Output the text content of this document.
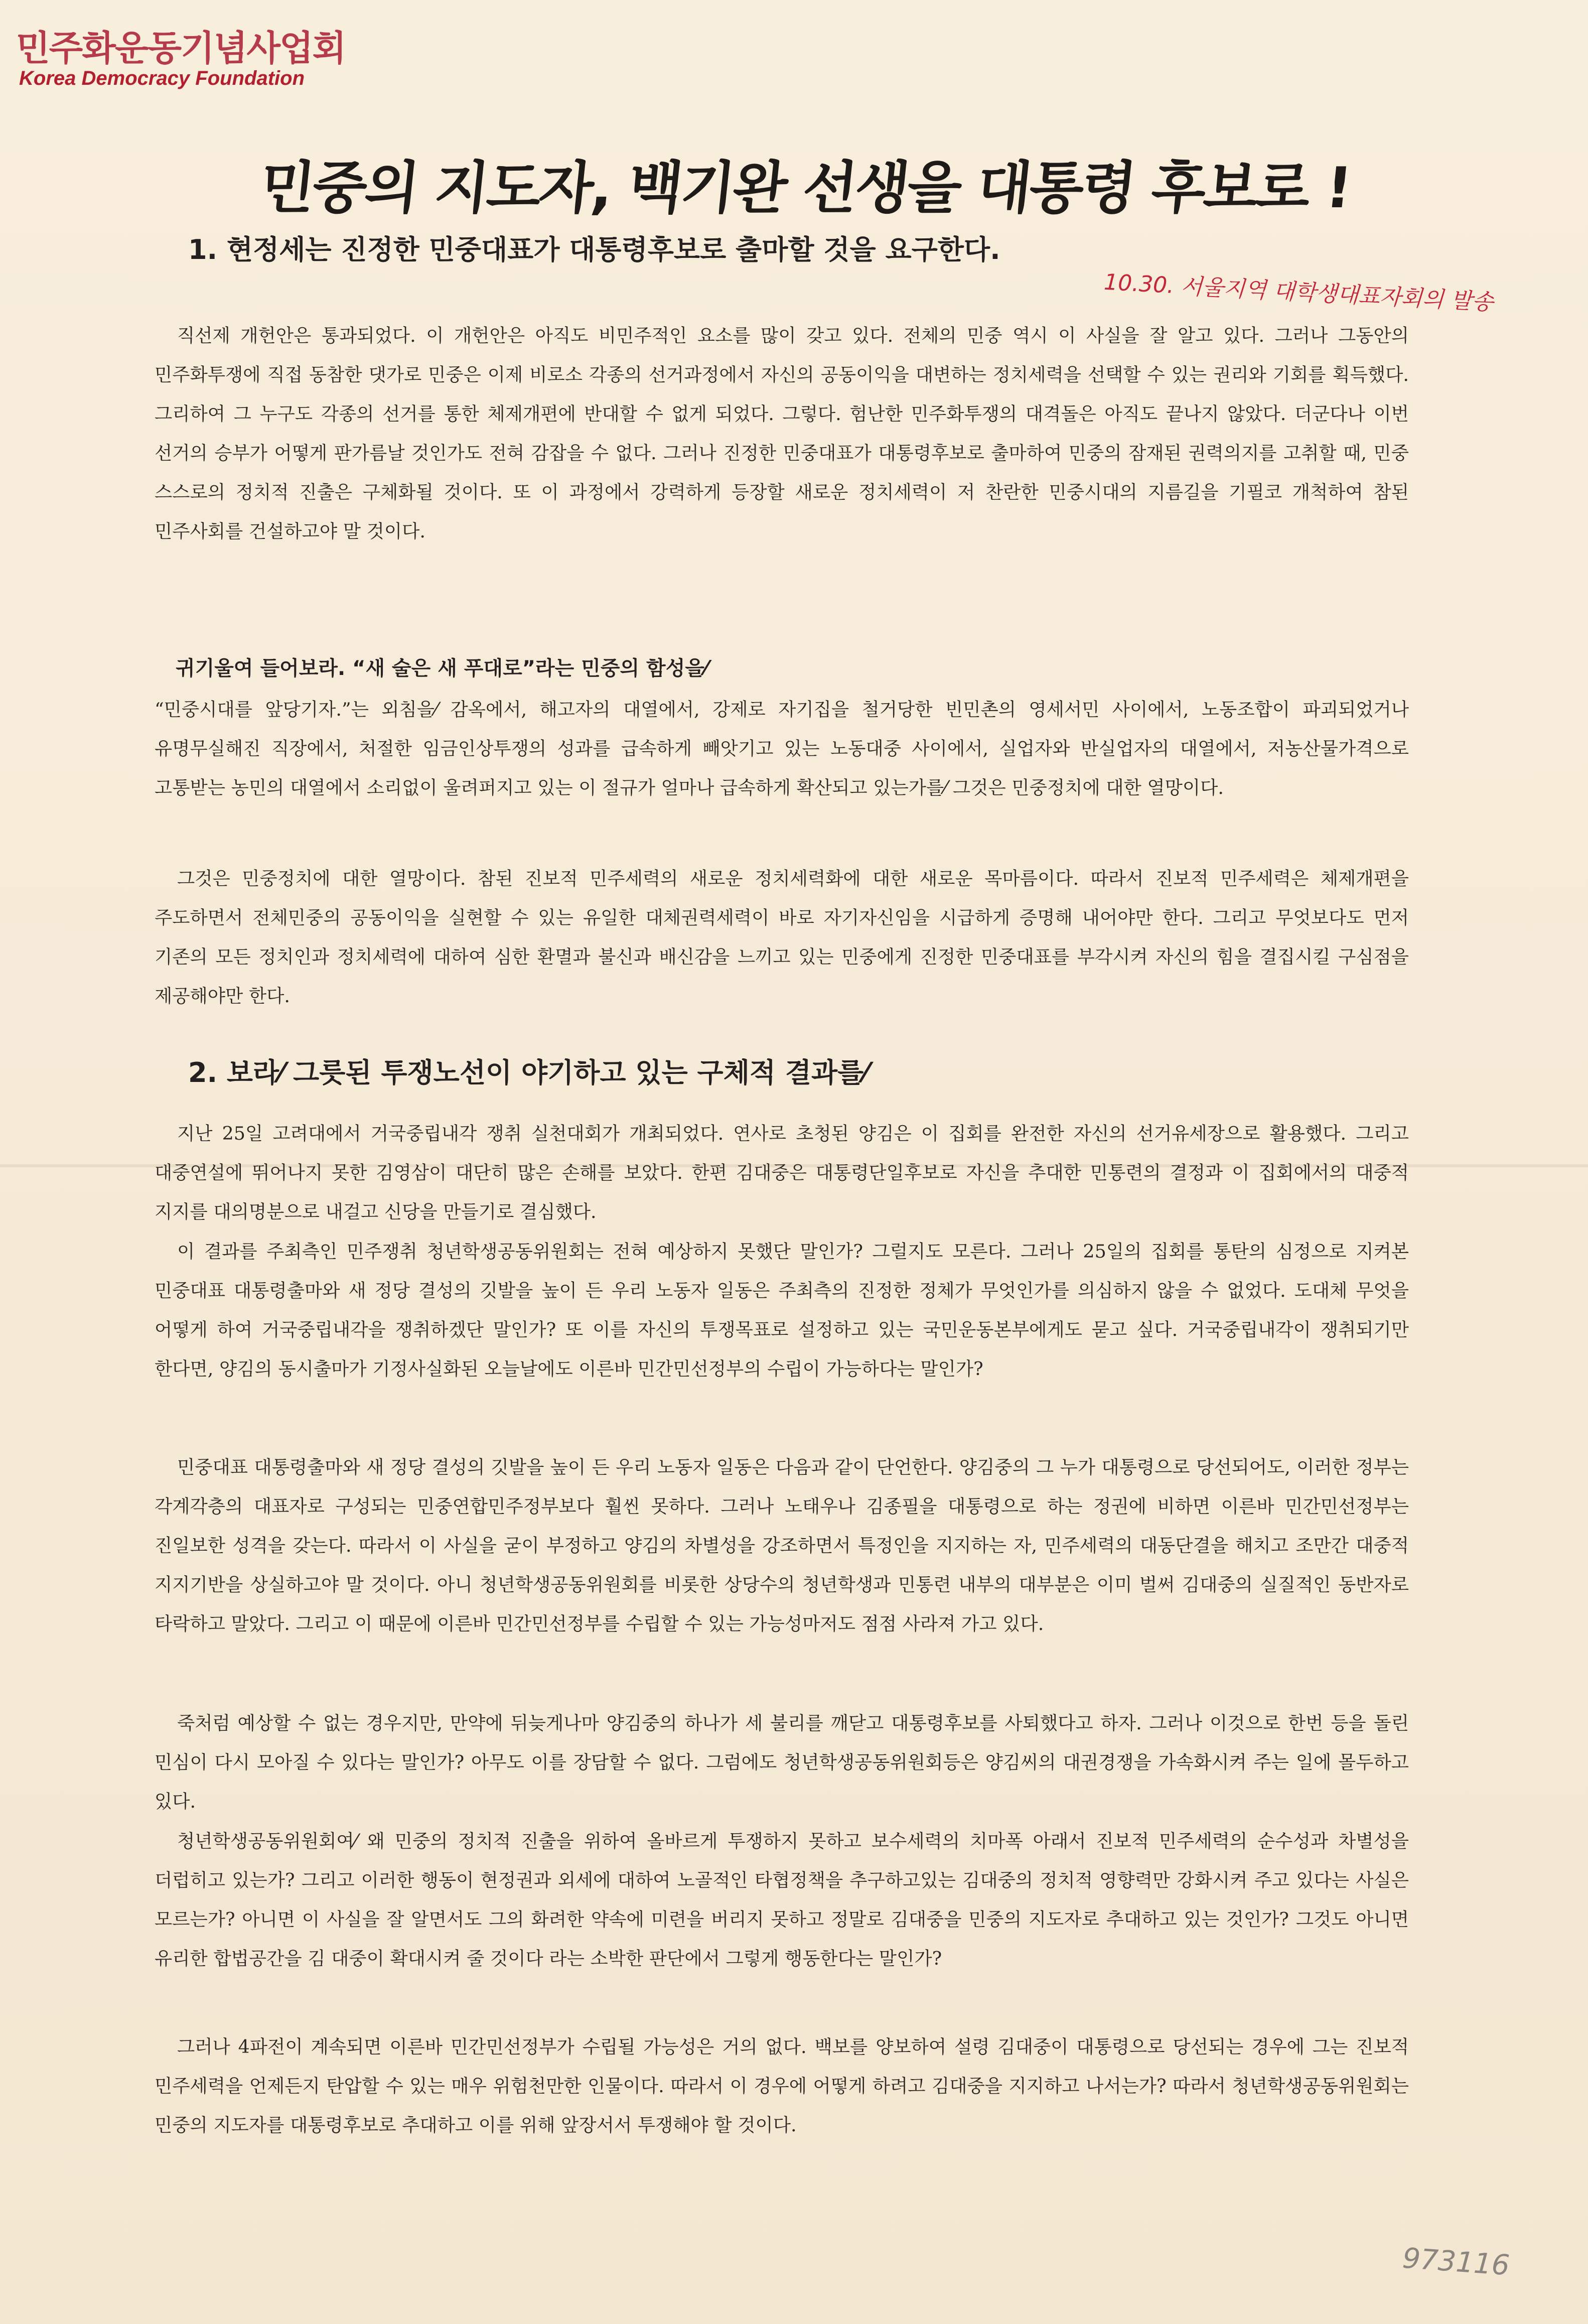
민주화운동기념사업회
Korea Democracy Foundation
민중의 지도자, 백기완 선생을 대통령 후보로 !
1. 현정세는 진정한 민중대표가 대통령후보로 출마할 것을 요구한다.
10.30. 서울지역 대학생대표자회의 발송
직선제 개헌안은 통과되었다. 이 개헌안은 아직도 비민주적인 요소를 많이 갖고 있다. 전체의 민중 역시 이 사실을 잘 알고 있다. 그러나 그동안의 민주화투쟁에 직접 동참한 댓가로 민중은 이제 비로소 각종의 선거과정에서 자신의 공동이익을 대변하는 정치세력을 선택할 수 있는 권리와 기회를 획득했다. 그리하여 그 누구도 각종의 선거를 통한 체제개편에 반대할 수 없게 되었다. 그렇다. 험난한 민주화투쟁의 대격돌은 아직도 끝나지 않았다. 더군다나 이번 선거의 승부가 어떻게 판가름날 것인가도 전혀 감잡을 수 없다. 그러나 진정한 민중대표가 대통령후보로 출마하여 민중의 잠재된 권력의지를 고취할 때, 민중 스스로의 정치적 진출은 구체화될 것이다. 또 이 과정에서 강력하게 등장할 새로운 정치세력이 저 찬란한 민중시대의 지름길을 기필코 개척하여 참된 민주사회를 건설하고야 말 것이다.
귀기울여 들어보라. “새 술은 새 푸대로”라는 민중의 함성을⁄
“민중시대를 앞당기자.”는 외침을⁄ 감옥에서, 해고자의 대열에서, 강제로 자기집을 철거당한 빈민촌의 영세서민 사이에서, 노동조합이 파괴되었거나 유명무실해진 직장에서, 처절한 임금인상투쟁의 성과를 급속하게 빼앗기고 있는 노동대중 사이에서, 실업자와 반실업자의 대열에서, 저농산물가격으로 고통받는 농민의 대열에서 소리없이 울려퍼지고 있는 이 절규가 얼마나 급속하게 확산되고 있는가를⁄ 그것은 민중정치에 대한 열망이다.
그것은 민중정치에 대한 열망이다. 참된 진보적 민주세력의 새로운 정치세력화에 대한 새로운 목마름이다. 따라서 진보적 민주세력은 체제개편을 주도하면서 전체민중의 공동이익을 실현할 수 있는 유일한 대체권력세력이 바로 자기자신임을 시급하게 증명해 내어야만 한다. 그리고 무엇보다도 먼저 기존의 모든 정치인과 정치세력에 대하여 심한 환멸과 불신과 배신감을 느끼고 있는 민중에게 진정한 민중대표를 부각시켜 자신의 힘을 결집시킬 구심점을 제공해야만 한다.
2. 보라⁄ 그릇된 투쟁노선이 야기하고 있는 구체적 결과를⁄
지난 25일 고려대에서 거국중립내각 쟁취 실천대회가 개최되었다. 연사로 초청된 양김은 이 집회를 완전한 자신의 선거유세장으로 활용했다. 그리고 대중연설에 뛰어나지 못한 김영삼이 대단히 많은 손해를 보았다. 한편 김대중은 대통령단일후보로 자신을 추대한 민통련의 결정과 이 집회에서의 대중적 지지를 대의명분으로 내걸고 신당을 만들기로 결심했다.
이 결과를 주최측인 민주쟁취 청년학생공동위원회는 전혀 예상하지 못했단 말인가? 그럴지도 모른다. 그러나 25일의 집회를 통탄의 심정으로 지켜본 민중대표 대통령출마와 새 정당 결성의 깃발을 높이 든 우리 노동자 일동은 주최측의 진정한 정체가 무엇인가를 의심하지 않을 수 없었다. 도대체 무엇을 어떻게 하여 거국중립내각을 쟁취하겠단 말인가? 또 이를 자신의 투쟁목표로 설정하고 있는 국민운동본부에게도 묻고 싶다. 거국중립내각이 쟁취되기만 한다면, 양김의 동시출마가 기정사실화된 오늘날에도 이른바 민간민선정부의 수립이 가능하다는 말인가?
민중대표 대통령출마와 새 정당 결성의 깃발을 높이 든 우리 노동자 일동은 다음과 같이 단언한다. 양김중의 그 누가 대통령으로 당선되어도, 이러한 정부는 각계각층의 대표자로 구성되는 민중연합민주정부보다 훨씬 못하다. 그러나 노태우나 김종필을 대통령으로 하는 정권에 비하면 이른바 민간민선정부는 진일보한 성격을 갖는다. 따라서 이 사실을 굳이 부정하고 양김의 차별성을 강조하면서 특정인을 지지하는 자, 민주세력의 대동단결을 해치고 조만간 대중적 지지기반을 상실하고야 말 것이다. 아니 청년학생공동위원회를 비롯한 상당수의 청년학생과 민통련 내부의 대부분은 이미 벌써 김대중의 실질적인 동반자로 타락하고 말았다. 그리고 이 때문에 이른바 민간민선정부를 수립할 수 있는 가능성마저도 점점 사라져 가고 있다.
죽처럼 예상할 수 없는 경우지만, 만약에 뒤늦게나마 양김중의 하나가 세 불리를 깨닫고 대통령후보를 사퇴했다고 하자. 그러나 이것으로 한번 등을 돌린 민심이 다시 모아질 수 있다는 말인가? 아무도 이를 장담할 수 없다. 그럼에도 청년학생공동위원회등은 양김씨의 대권경쟁을 가속화시켜 주는 일에 몰두하고 있다.
청년학생공동위원회여⁄ 왜 민중의 정치적 진출을 위하여 올바르게 투쟁하지 못하고 보수세력의 치마폭 아래서 진보적 민주세력의 순수성과 차별성을 더럽히고 있는가? 그리고 이러한 행동이 현정권과 외세에 대하여 노골적인 타협정책을 추구하고있는 김대중의 정치적 영향력만 강화시켜 주고 있다는 사실은 모르는가? 아니면 이 사실을 잘 알면서도 그의 화려한 약속에 미련을 버리지 못하고 정말로 김대중을 민중의 지도자로 추대하고 있는 것인가? 그것도 아니면 유리한 합법공간을 김 대중이 확대시켜 줄 것이다 라는 소박한 판단에서 그렇게 행동한다는 말인가?
그러나 4파전이 계속되면 이른바 민간민선정부가 수립될 가능성은 거의 없다. 백보를 양보하여 설령 김대중이 대통령으로 당선되는 경우에 그는 진보적 민주세력을 언제든지 탄압할 수 있는 매우 위험천만한 인물이다. 따라서 이 경우에 어떻게 하려고 김대중을 지지하고 나서는가? 따라서 청년학생공동위원회는 민중의 지도자를 대통령후보로 추대하고 이를 위해 앞장서서 투쟁해야 할 것이다.
973116
